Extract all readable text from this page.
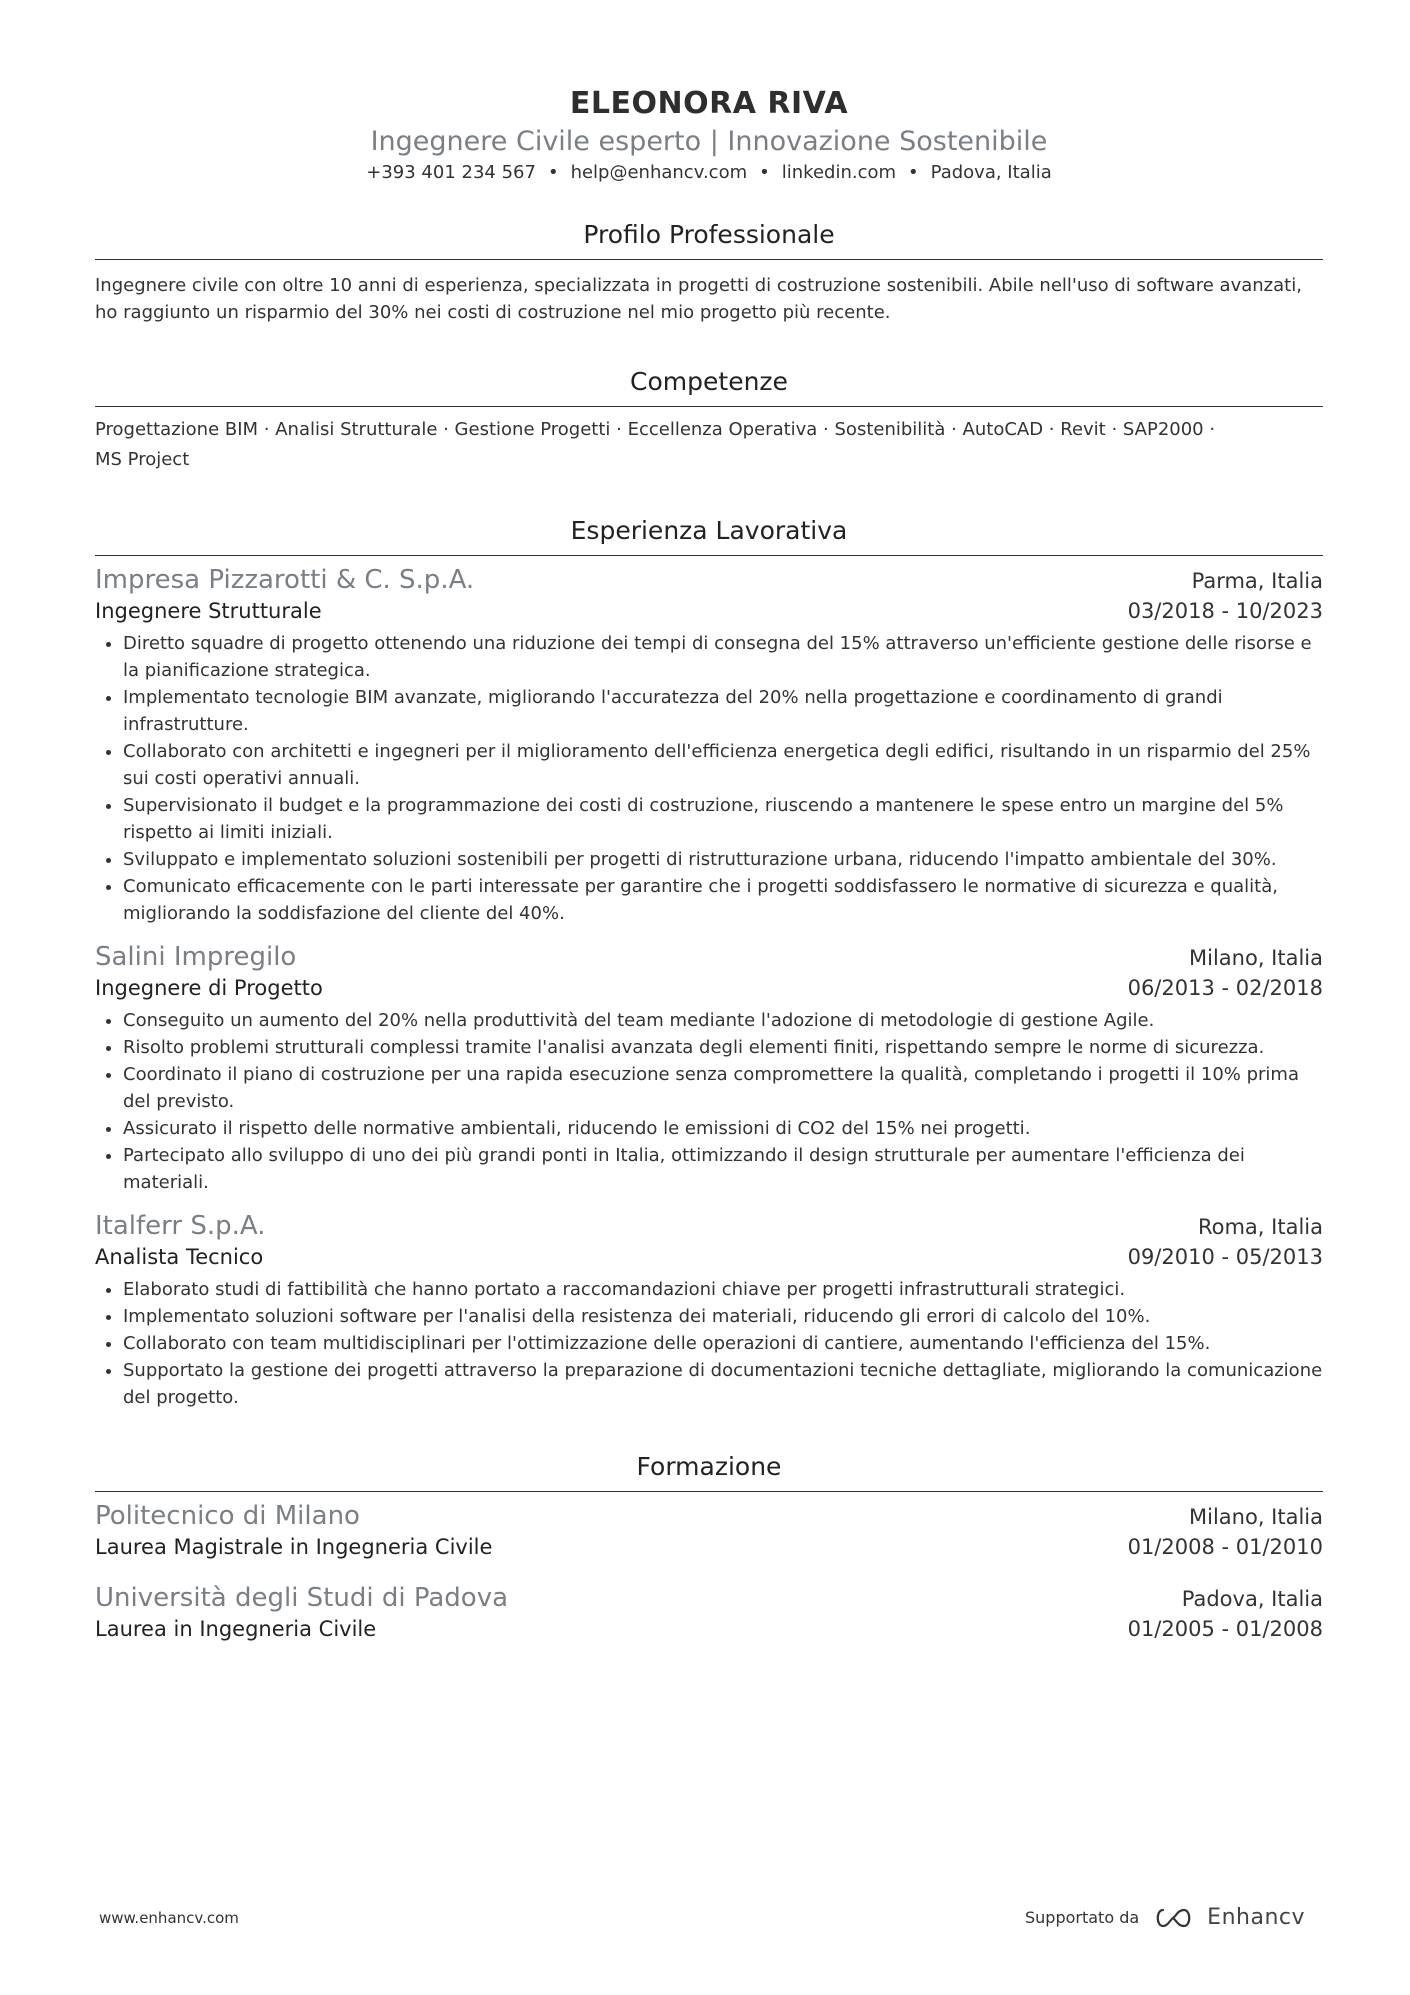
ELEONORA RIVA
Ingegnere Civile esperto | Innovazione Sostenibile
+393 401 234 567 • help@enhancv.com • linkedin.com • Padova, Italia
Profilo Professionale
Ingegnere civile con oltre 10 anni di esperienza, specializzata in progetti di costruzione sostenibili. Abile nell'uso di software avanzati, ho raggiunto un risparmio del 30% nei costi di costruzione nel mio progetto più recente.
Competenze
Progettazione BIM · Analisi Strutturale · Gestione Progetti · Eccellenza Operativa · Sostenibilità · AutoCAD · Revit · SAP2000 ·
MS Project
Esperienza Lavorativa
Impresa Pizzarotti & C. S.p.A.	Parma, Italia
Ingegnere Strutturale	03/2018 - 10/2023
• Diretto squadre di progetto ottenendo una riduzione dei tempi di consegna del 15% attraverso un'efficiente gestione delle risorse e la pianificazione strategica.
• Implementato tecnologie BIM avanzate, migliorando l'accuratezza del 20% nella progettazione e coordinamento di grandi infrastrutture.
• Collaborato con architetti e ingegneri per il miglioramento dell'efficienza energetica degli edifici, risultando in un risparmio del 25% sui costi operativi annuali.
• Supervisionato il budget e la programmazione dei costi di costruzione, riuscendo a mantenere le spese entro un margine del 5% rispetto ai limiti iniziali.
• Sviluppato e implementato soluzioni sostenibili per progetti di ristrutturazione urbana, riducendo l'impatto ambientale del 30%.
• Comunicato efficacemente con le parti interessate per garantire che i progetti soddisfassero le normative di sicurezza e qualità, migliorando la soddisfazione del cliente del 40%.
Salini Impregilo	Milano, Italia
Ingegnere di Progetto	06/2013 - 02/2018
• Conseguito un aumento del 20% nella produttività del team mediante l'adozione di metodologie di gestione Agile.
• Risolto problemi strutturali complessi tramite l'analisi avanzata degli elementi finiti, rispettando sempre le norme di sicurezza.
• Coordinato il piano di costruzione per una rapida esecuzione senza compromettere la qualità, completando i progetti il 10% prima del previsto.
• Assicurato il rispetto delle normative ambientali, riducendo le emissioni di CO2 del 15% nei progetti.
• Partecipato allo sviluppo di uno dei più grandi ponti in Italia, ottimizzando il design strutturale per aumentare l'efficienza dei materiali.
Italferr S.p.A.	Roma, Italia
Analista Tecnico	09/2010 - 05/2013
• Elaborato studi di fattibilità che hanno portato a raccomandazioni chiave per progetti infrastrutturali strategici.
• Implementato soluzioni software per l'analisi della resistenza dei materiali, riducendo gli errori di calcolo del 10%.
• Collaborato con team multidisciplinari per l'ottimizzazione delle operazioni di cantiere, aumentando l'efficienza del 15%.
• Supportato la gestione dei progetti attraverso la preparazione di documentazioni tecniche dettagliate, migliorando la comunicazione del progetto.
Formazione
Politecnico di Milano	Milano, Italia
Laurea Magistrale in Ingegneria Civile	01/2008 - 01/2010
Università degli Studi di Padova	Padova, Italia
Laurea in Ingegneria Civile	01/2005 - 01/2008
www.enhancv.com	Supportato da	Enhancv
